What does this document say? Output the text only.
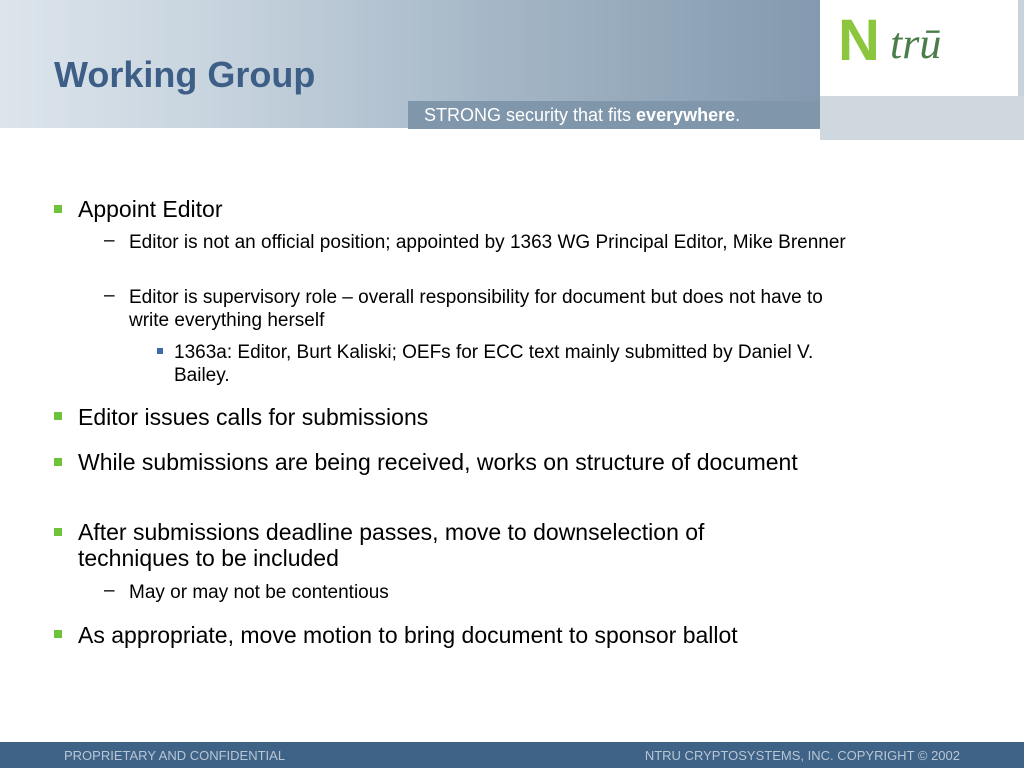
Working Group
STRONG security that fits everywhere.
N trū
Appoint Editor
– Editor is not an official position; appointed by 1363 WG Principal Editor, Mike Brenner
– Editor is supervisory role – overall responsibility for document but does not have to write everything herself
1363a: Editor, Burt Kaliski; OEFs for ECC text mainly submitted by Daniel V. Bailey.
Editor issues calls for submissions
While submissions are being received, works on structure of document
After submissions deadline passes, move to downselection of techniques to be included
– May or may not be contentious
As appropriate, move motion to bring document to sponsor ballot
PROPRIETARY AND CONFIDENTIAL	NTRU CRYPTOSYSTEMS, INC. COPYRIGHT © 2002
